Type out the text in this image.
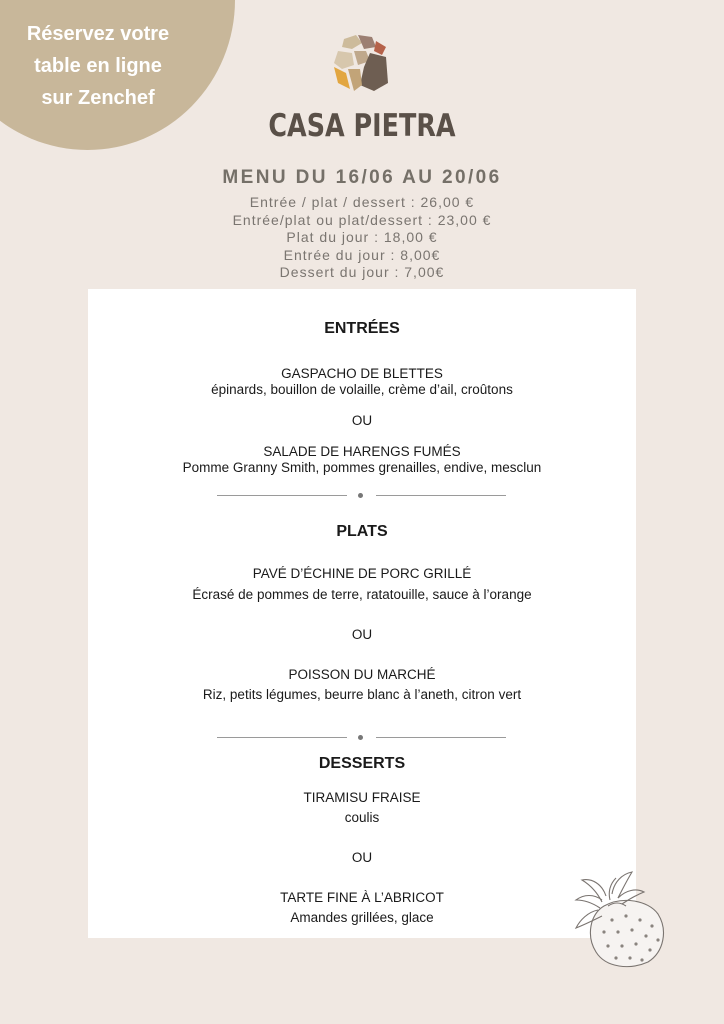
Réservez votre
table en ligne
sur Zenchef
CASA PIETRA
MENU DU 16/06 AU 20/06
Entrée / plat / dessert : 26,00 €
Entrée/plat ou plat/dessert : 23,00 €
Plat du jour : 18,00 €
Entrée du jour : 8,00€
Dessert du jour : 7,00€
ENTRÉES
GASPACHO DE BLETTES
épinards, bouillon de volaille, crème d’ail, croûtons
OU
SALADE DE HARENGS FUMÉS
Pomme Granny Smith, pommes grenailles, endive, mesclun
PLATS
PAVÉ D’ÉCHINE DE PORC GRILLÉ
Écrasé de pommes de terre, ratatouille, sauce à l’orange
OU
POISSON DU MARCHÉ
Riz, petits légumes, beurre blanc à l’aneth, citron vert
DESSERTS
TIRAMISU FRAISE
coulis
OU
TARTE FINE À L’ABRICOT
Amandes grillées, glace
